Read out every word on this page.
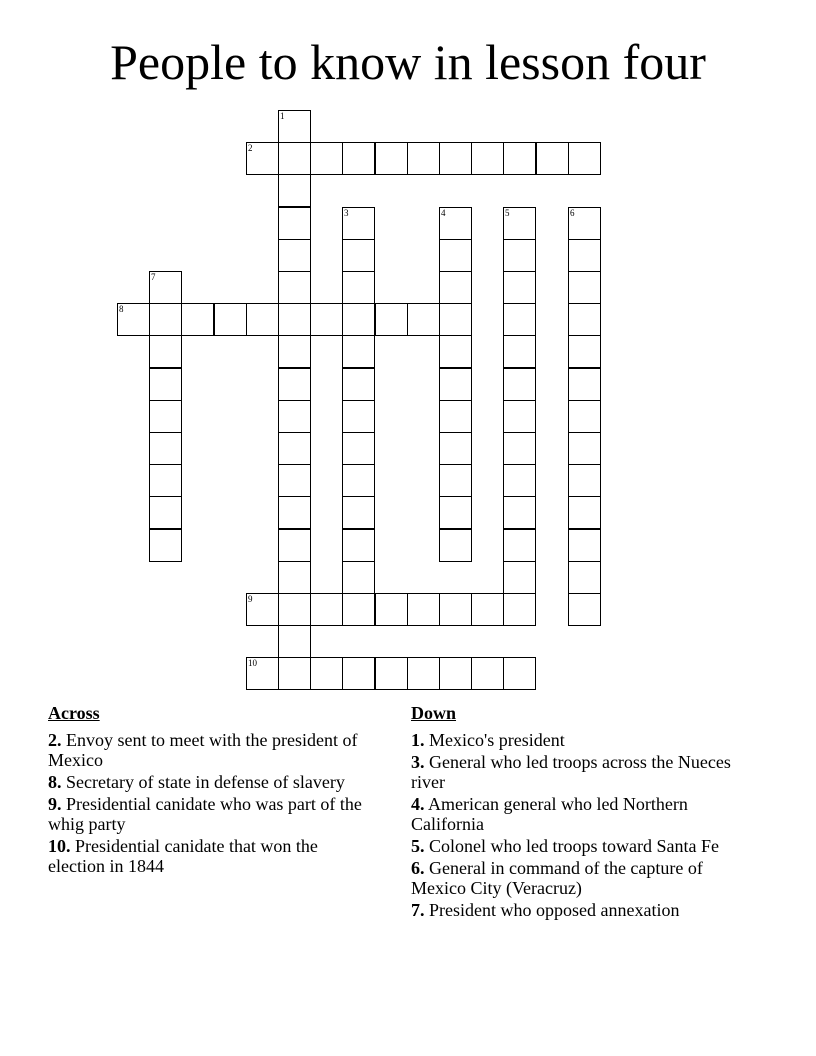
People to know in lesson four
1
2
3	4	5	6
7
8
9
10
Across
2. Envoy sent to meet with the president of Mexico
8. Secretary of state in defense of slavery
9. Presidential canidate who was part of the whig party
10. Presidential canidate that won the election in 1844
Down
1. Mexico's president
3. General who led troops across the Nueces river
4. American general who led Northern California
5. Colonel who led troops toward Santa Fe
6. General in command of the capture of Mexico City (Veracruz)
7. President who opposed annexation
